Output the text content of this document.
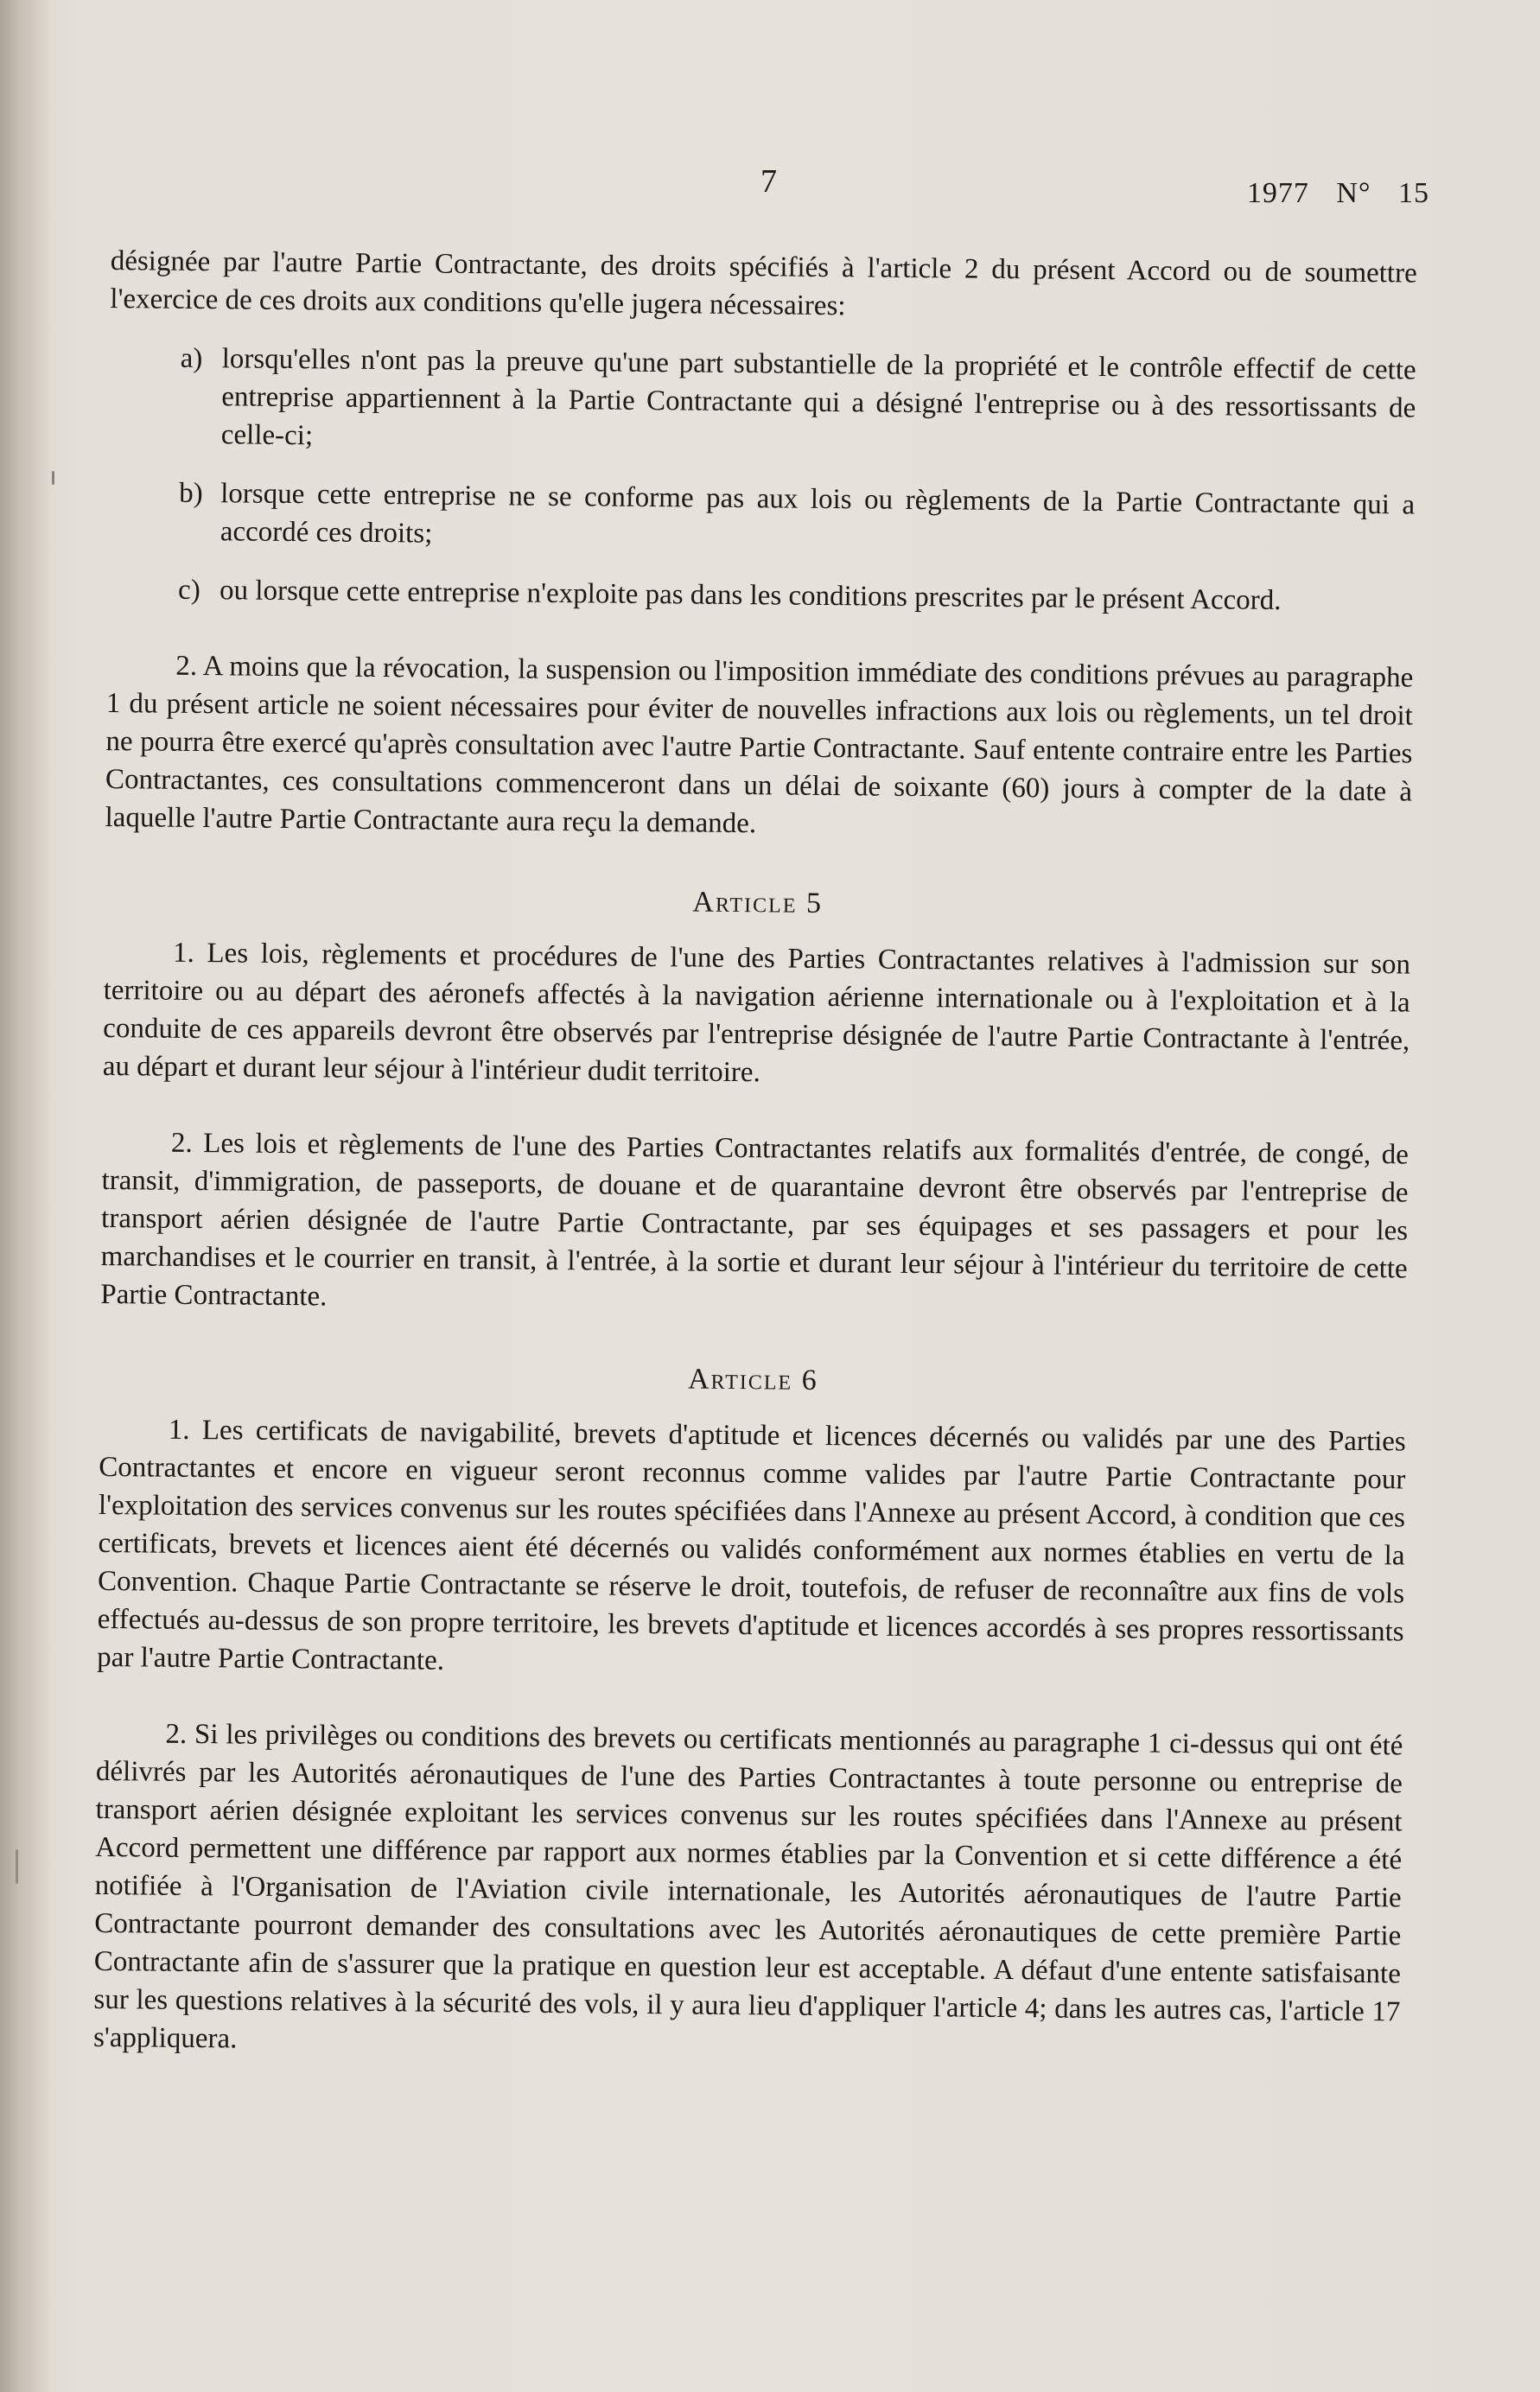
7	1977 N° 15

désignée par l'autre Partie Contractante, des droits spécifiés à l'article 2 du présent Accord ou de soumettre l'exercice de ces droits aux conditions qu'elle jugera nécessaires:

a) lorsqu'elles n'ont pas la preuve qu'une part substantielle de la propriété et le contrôle effectif de cette entreprise appartiennent à la Partie Contractante qui a désigné l'entreprise ou à des ressortissants de celle-ci;

b) lorsque cette entreprise ne se conforme pas aux lois ou règlements de la Partie Contractante qui a accordé ces droits;

c) ou lorsque cette entreprise n'exploite pas dans les conditions prescrites par le présent Accord.

2. A moins que la révocation, la suspension ou l'imposition immédiate des conditions prévues au paragraphe 1 du présent article ne soient nécessaires pour éviter de nouvelles infractions aux lois ou règlements, un tel droit ne pourra être exercé qu'après consultation avec l'autre Partie Contractante. Sauf entente contraire entre les Parties Contractantes, ces consultations commenceront dans un délai de soixante (60) jours à compter de la date à laquelle l'autre Partie Contractante aura reçu la demande.

Article 5

1. Les lois, règlements et procédures de l'une des Parties Contractantes relatives à l'admission sur son territoire ou au départ des aéronefs affectés à la navigation aérienne internationale ou à l'exploitation et à la conduite de ces appareils devront être observés par l'entreprise désignée de l'autre Partie Contractante à l'entrée, au départ et durant leur séjour à l'intérieur dudit territoire.

2. Les lois et règlements de l'une des Parties Contractantes relatifs aux formalités d'entrée, de congé, de transit, d'immigration, de passeports, de douane et de quarantaine devront être observés par l'entreprise de transport aérien désignée de l'autre Partie Contractante, par ses équipages et ses passagers et pour les marchandises et le courrier en transit, à l'entrée, à la sortie et durant leur séjour à l'intérieur du territoire de cette Partie Contractante.

Article 6

1. Les certificats de navigabilité, brevets d'aptitude et licences décernés ou validés par une des Parties Contractantes et encore en vigueur seront reconnus comme valides par l'autre Partie Contractante pour l'exploitation des services convenus sur les routes spécifiées dans l'Annexe au présent Accord, à condition que ces certificats, brevets et licences aient été décernés ou validés conformément aux normes établies en vertu de la Convention. Chaque Partie Contractante se réserve le droit, toutefois, de refuser de reconnaître aux fins de vols effectués au-dessus de son propre territoire, les brevets d'aptitude et licences accordés à ses propres ressortissants par l'autre Partie Contractante.

2. Si les privilèges ou conditions des brevets ou certificats mentionnés au paragraphe 1 ci-dessus qui ont été délivrés par les Autorités aéronautiques de l'une des Parties Contractantes à toute personne ou entreprise de transport aérien désignée exploitant les services convenus sur les routes spécifiées dans l'Annexe au présent Accord permettent une différence par rapport aux normes établies par la Convention et si cette différence a été notifiée à l'Organisation de l'Aviation civile internationale, les Autorités aéronautiques de l'autre Partie Contractante pourront demander des consultations avec les Autorités aéronautiques de cette première Partie Contractante afin de s'assurer que la pratique en question leur est acceptable. A défaut d'une entente satisfaisante sur les questions relatives à la sécurité des vols, il y aura lieu d'appliquer l'article 4; dans les autres cas, l'article 17 s'appliquera.
